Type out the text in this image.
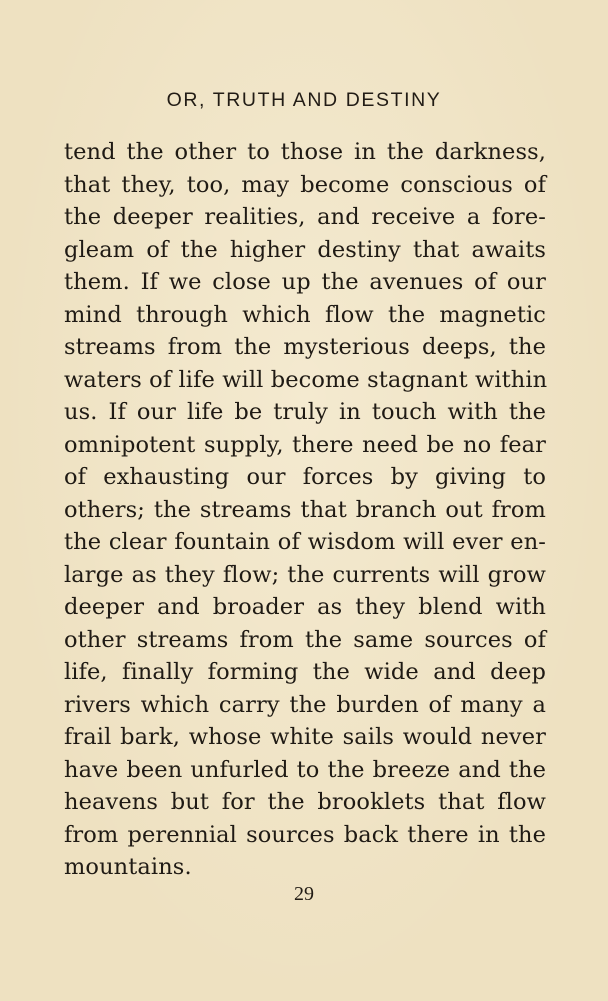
OR, TRUTH AND DESTINY
tend the other to those in the darkness,
that they, too, may become conscious of
the deeper realities, and receive a fore-
gleam of the higher destiny that awaits
them. If we close up the avenues of our
mind through which flow the magnetic
streams from the mysterious deeps, the
waters of life will become stagnant within
us. If our life be truly in touch with the
omnipotent supply, there need be no fear
of exhausting our forces by giving to
others; the streams that branch out from
the clear fountain of wisdom will ever en-
large as they flow; the currents will grow
deeper and broader as they blend with
other streams from the same sources of
life, finally forming the wide and deep
rivers which carry the burden of many a
frail bark, whose white sails would never
have been unfurled to the breeze and the
heavens but for the brooklets that flow
from perennial sources back there in the
mountains.
29
